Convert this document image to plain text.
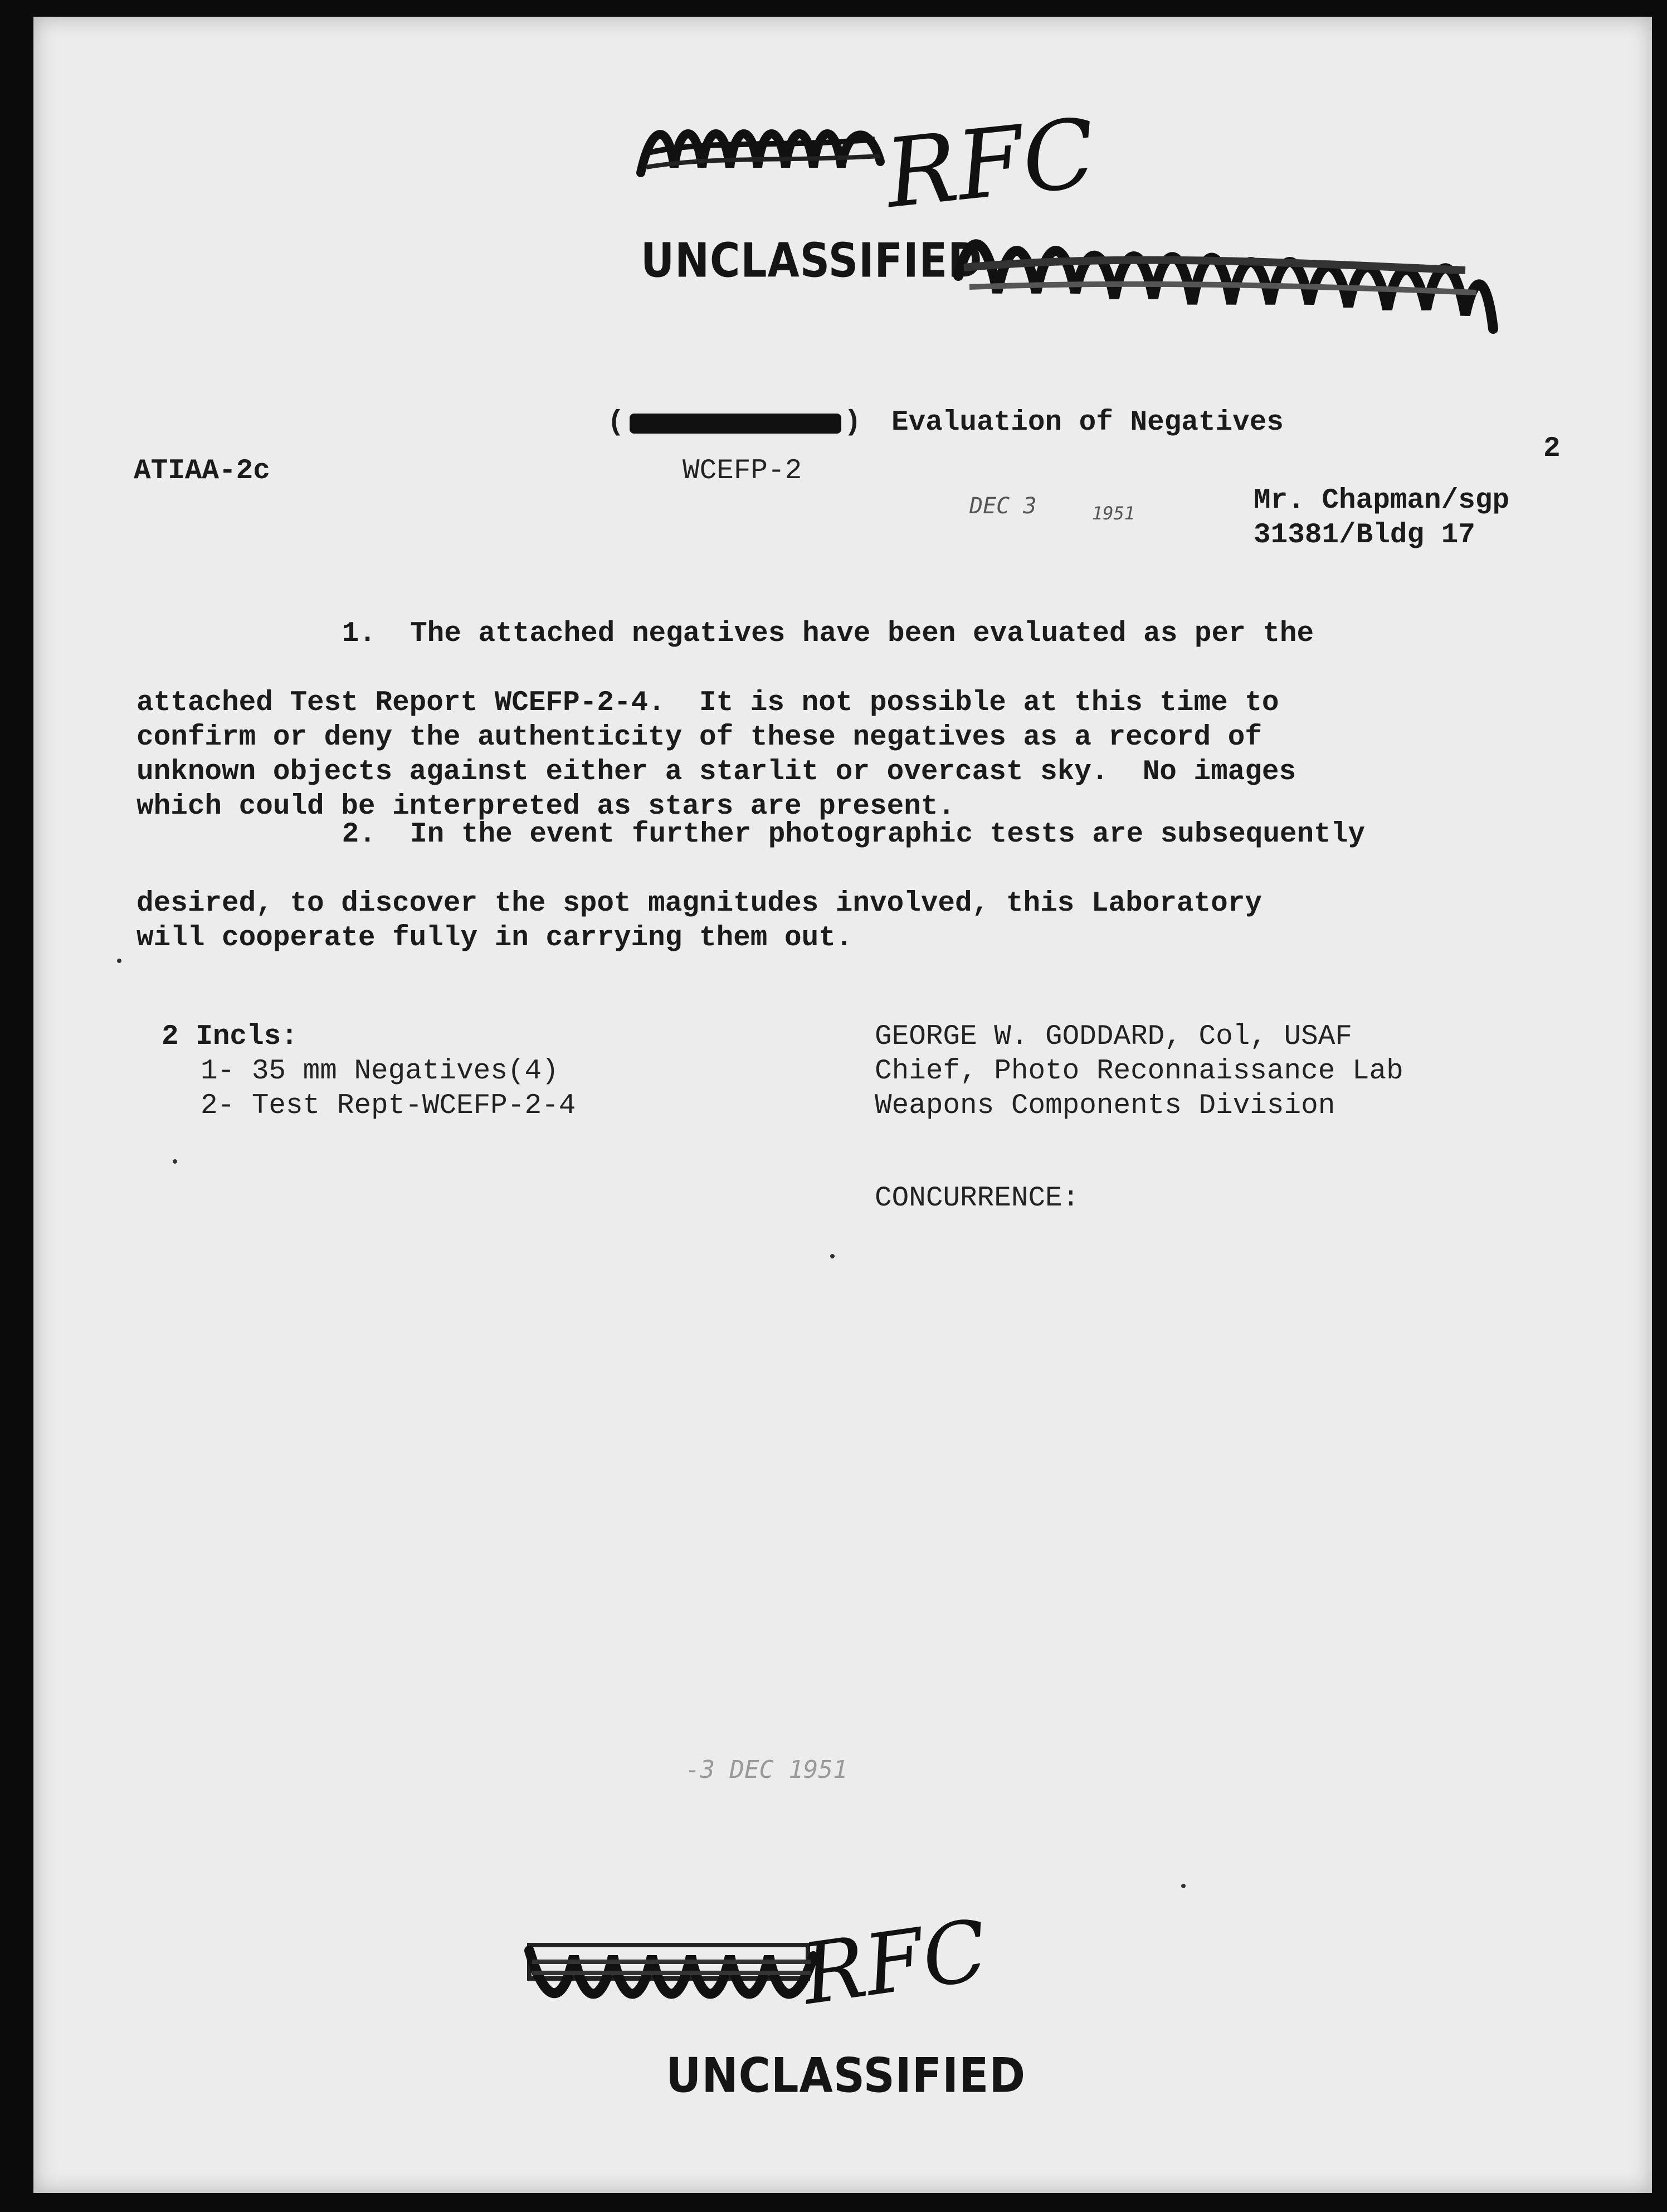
RFC
UNCLASSIFIED
(	) Evaluation of Negatives
ATIAA-2c	WCEFP-2
2
DEC 3	1951	Mr. Chapman/sgp
31381/Bldg 17

1. The attached negatives have been evaluated as per the

attached Test Report WCEFP-2-4.  It is not possible at this time to
confirm or deny the authenticity of these negatives as a record of
unknown objects against either a starlit or overcast sky.  No images
which could be interpreted as stars are present.

2. In the event further photographic tests are subsequently

desired, to discover the spot magnitudes involved, this Laboratory
will cooperate fully in carrying them out.
2 Incls:
1- 35 mm Negatives(4)
2- Test Rept-WCEFP-2-4
GEORGE W. GODDARD, Col, USAF
Chief, Photo Reconnaissance Lab
Weapons Components Division
CONCURRENCE:
-3 DEC 1951
RFC
UNCLASSIFIED
